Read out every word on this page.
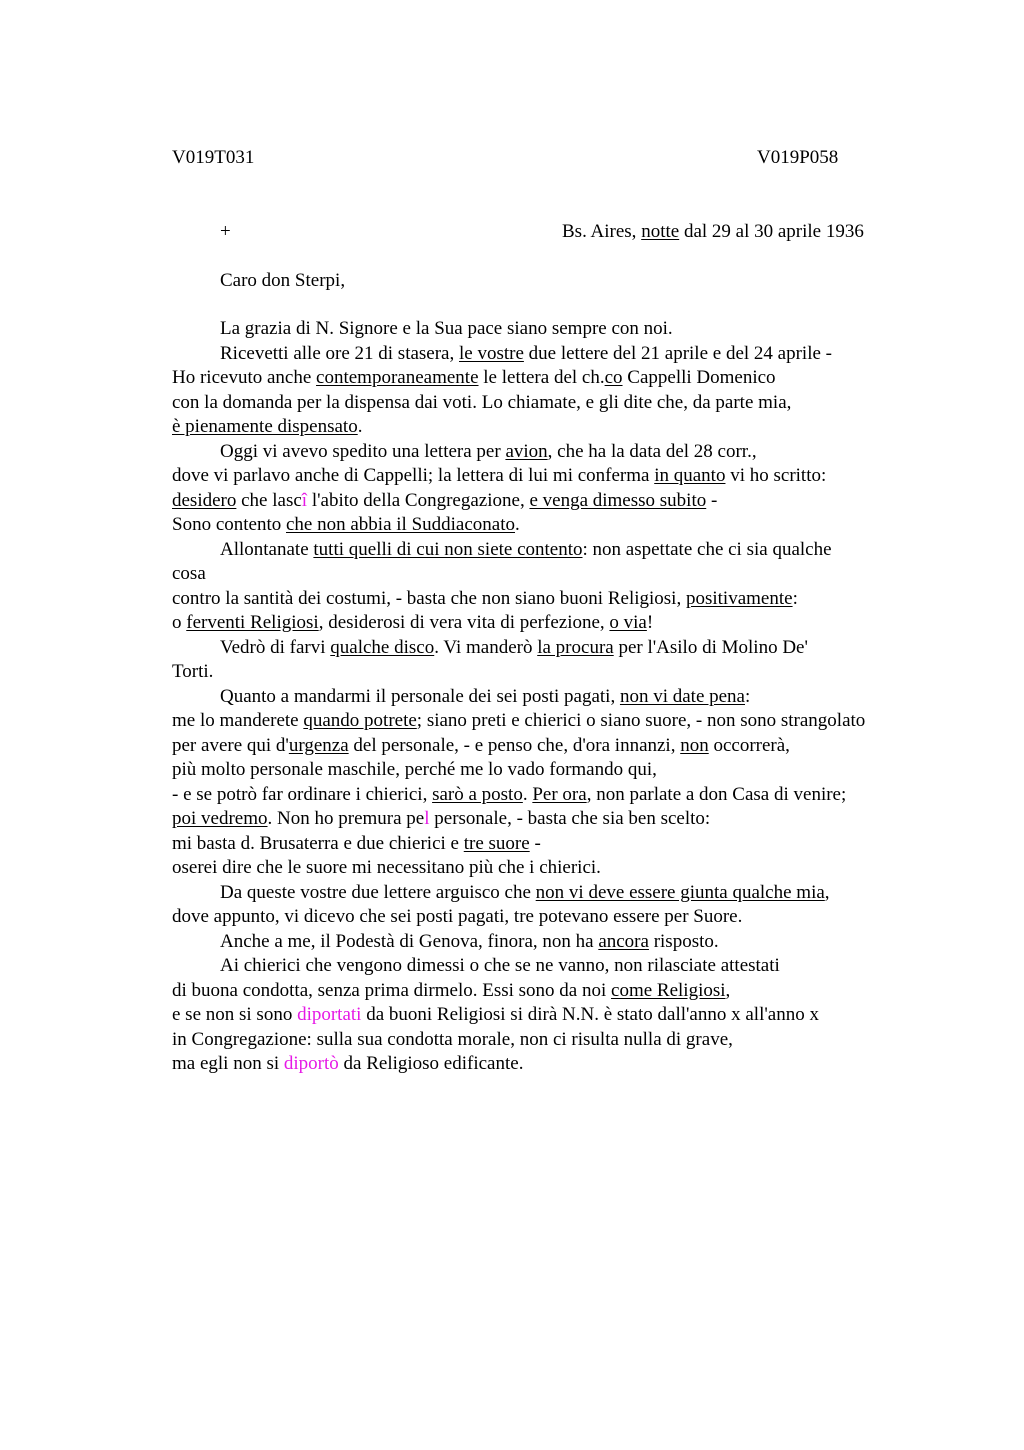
V019T031	V019P058
+	Bs. Aires, notte dal 29 al 30 aprile 1936
Caro don Sterpi,
La grazia di N. Signore e la Sua pace siano sempre con noi.
Ricevetti alle ore 21 di stasera, le vostre due lettere del 21 aprile e del 24 aprile -
Ho ricevuto anche contemporaneamente le lettera del ch.co Cappelli Domenico
con la domanda per la dispensa dai voti. Lo chiamate, e gli dite che, da parte mia,
è pienamente dispensato.
Oggi vi avevo spedito una lettera per avion, che ha la data del 28 corr.,
dove vi parlavo anche di Cappelli; la lettera di lui mi conferma in quanto vi ho scritto:
desidero che lascî l'abito della Congregazione, e venga dimesso subito -
Sono contento che non abbia il Suddiaconato.
Allontanate tutti quelli di cui non siete contento: non aspettate che ci sia qualche
cosa
contro la santità dei costumi, - basta che non siano buoni Religiosi, positivamente:
o ferventi Religiosi, desiderosi di vera vita di perfezione, o via!
Vedrò di farvi qualche disco. Vi manderò la procura per l'Asilo di Molino De'
Torti.
Quanto a mandarmi il personale dei sei posti pagati, non vi date pena:
me lo manderete quando potrete; siano preti e chierici o siano suore, - non sono strangolato
per avere qui d'urgenza del personale, - e penso che, d'ora innanzi, non occorrerà,
più molto personale maschile, perché me lo vado formando qui,
- e se potrò far ordinare i chierici, sarò a posto. Per ora, non parlate a don Casa di venire;
poi vedremo. Non ho premura pel personale, - basta che sia ben scelto:
mi basta d. Brusaterra e due chierici e tre suore -
oserei dire che le suore mi necessitano più che i chierici.
Da queste vostre due lettere arguisco che non vi deve essere giunta qualche mia,
dove appunto, vi dicevo che sei posti pagati, tre potevano essere per Suore.
Anche a me, il Podestà di Genova, finora, non ha ancora risposto.
Ai chierici che vengono dimessi o che se ne vanno, non rilasciate attestati
di buona condotta, senza prima dirmelo. Essi sono da noi come Religiosi,
e se non si sono diportati da buoni Religiosi si dirà N.N. è stato dall'anno x all'anno x
in Congregazione: sulla sua condotta morale, non ci risulta nulla di grave,
ma egli non si diportò da Religioso edificante.
